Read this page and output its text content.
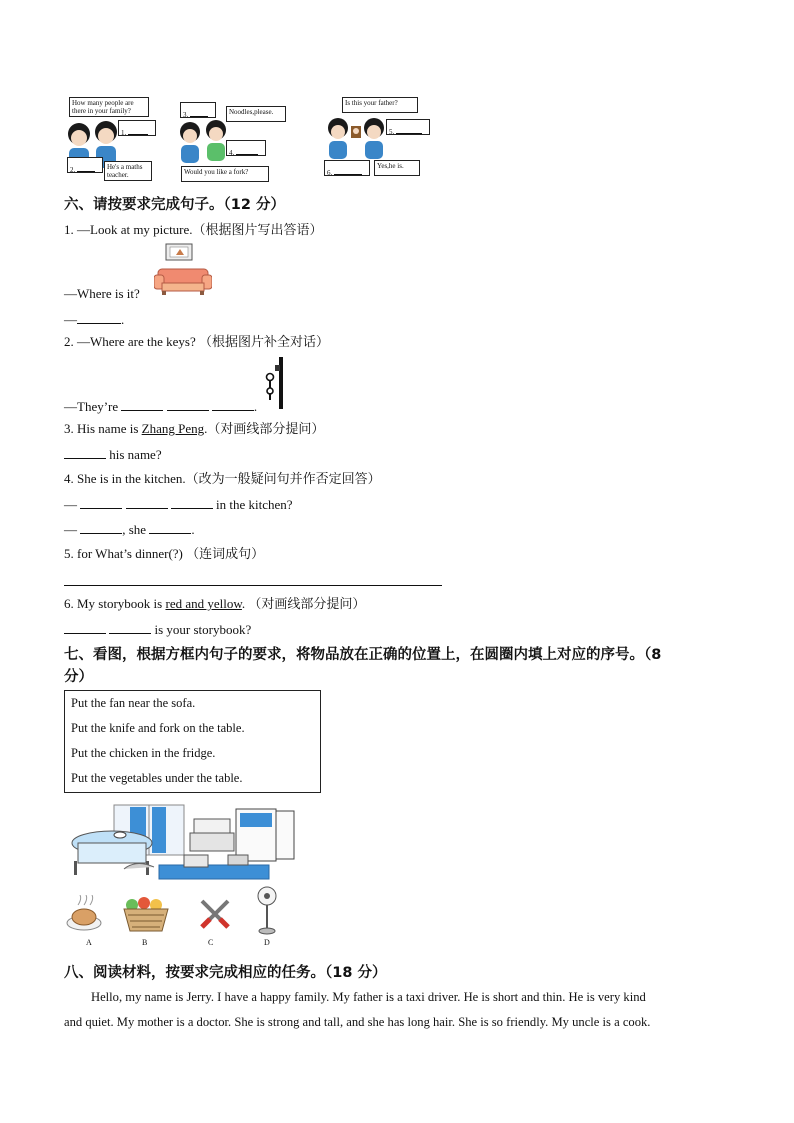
How many people are there in your family?
1.
2.	He's a maths teacher.
3.	Noodles,please.
4.
Would you like a fork?
Is this your father?
5.
6.
Yes,he is.
六、请按要求完成句子。（12 分）
1. —Look at my picture.（根据图片写出答语）
—Where is it?
—	.
2. —Where are the keys? （根据图片补全对话）
—They’re	.
3. His name is Zhang Peng.（对画线部分提问）
his name?
4. She is in the kitchen.（改为一般疑问句并作否定回答）
—	in the kitchen?
—	, she	.
5. for What’s dinner(?) （连词成句）
6. My storybook is red and yellow. （对画线部分提问）
is your storybook?
七、看图，根据方框内句子的要求，将物品放在正确的位置上，在圆圈内填上对应的序号。（8
分）
Put the fan near the sofa.
Put the knife and fork on the table.
Put the chicken in the fridge.
Put the vegetables under the table.
A	B	C	D
八、阅读材料，按要求完成相应的任务。（18 分）
Hello, my name is Jerry. I have a happy family. My father is a taxi driver. He is short and thin. He is very kind
and quiet. My mother is a doctor. She is strong and tall, and she has long hair. She is so friendly. My uncle is a cook.
